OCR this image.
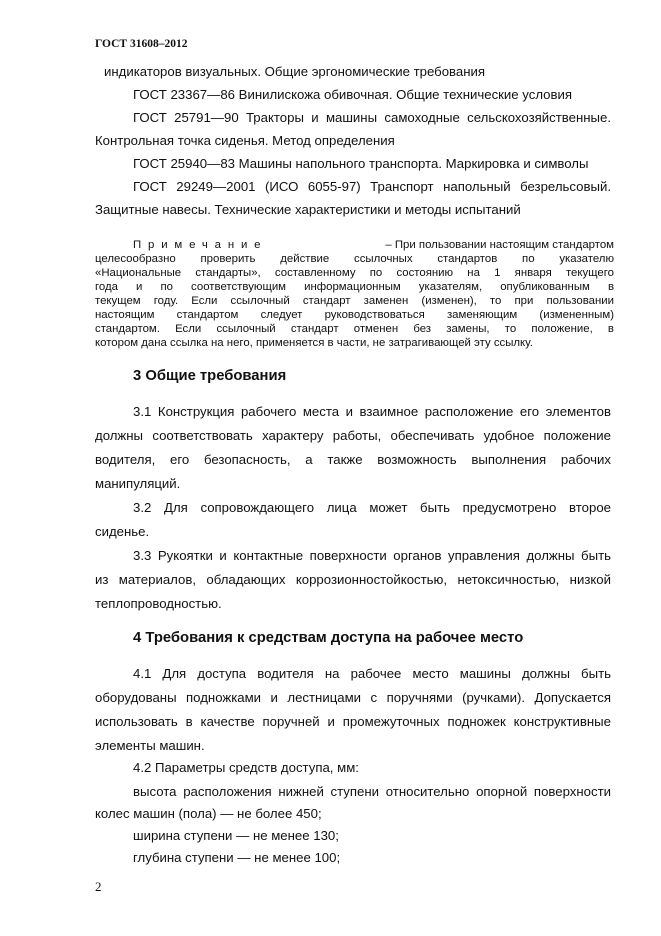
ГОСТ 31608–2012
индикаторов визуальных. Общие эргономические требования
ГОСТ 23367—86 Винилискожа обивочная. Общие технические условия
ГОСТ 25791—90 Тракторы и машины самоходные сельскохозяйственные.
Контрольная точка сиденья. Метод определения
ГОСТ 25940—83 Машины напольного транспорта. Маркировка и символы
ГОСТ 29249—2001 (ИСО 6055-97) Транспорт напольный безрельсовый.
Защитные навесы. Технические характеристики и методы испытаний
Примечание	– При пользовании настоящим стандартом
целесообразно проверить действие ссылочных стандартов по указателю
«Национальные стандарты», составленному по состоянию на 1 января текущего
года и по соответствующим информационным указателям, опубликованным в
текущем году. Если ссылочный стандарт заменен (изменен), то при пользовании
настоящим стандартом следует руководствоваться заменяющим (измененным)
стандартом. Если ссылочный стандарт отменен без замены, то положение, в
котором дана ссылка на него, применяется в части, не затрагивающей эту ссылку.
3 Общие требования
3.1 Конструкция рабочего места и взаимное расположение его элементов
должны соответствовать характеру работы, обеспечивать удобное положение
водителя, его безопасность, а также возможность выполнения рабочих
манипуляций.
3.2 Для сопровождающего лица может быть предусмотрено второе
сиденье.
3.3 Рукоятки и контактные поверхности органов управления должны быть
из материалов, обладающих коррозионностойкостью, нетоксичностью, низкой
теплопроводностью.
4 Требования к средствам доступа на рабочее место
4.1 Для доступа водителя на рабочее место машины должны быть
оборудованы подножками и лестницами с поручнями (ручками). Допускается
использовать в качестве поручней и промежуточных подножек конструктивные
элементы машин.
4.2 Параметры средств доступа, мм:
высота расположения нижней ступени относительно опорной поверхности
колес машин (пола) — не более 450;
ширина ступени — не менее 130;
глубина ступени — не менее 100;
2
